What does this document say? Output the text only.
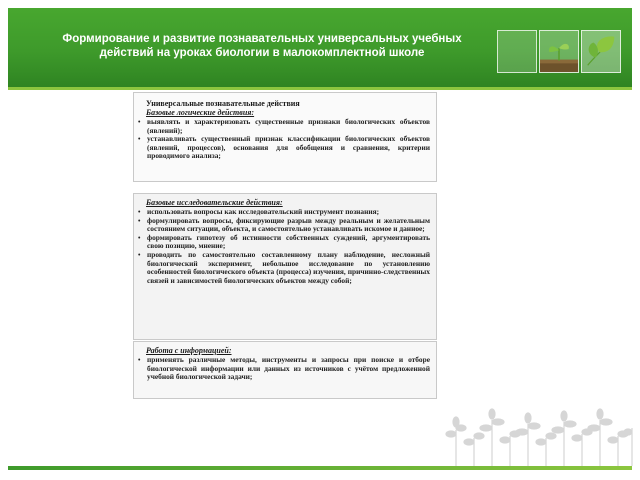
Формирование и развитие познавательных универсальных учебных действий на уроках биологии в малокомплектной школе
Универсальные познавательные действия
Базовые логические действия:
• выявлять и характеризовать существенные признаки биологических объектов (явлений);
• устанавливать существенный признак классификации биологических объектов (явлений, процессов), основания для обобщения и сравнения, критерии проводимого анализа;
Базовые исследовательские действия:
• использовать вопросы как исследовательский инструмент познания;
• формулировать вопросы, фиксирующие разрыв между реальным и желательным состоянием ситуации, объекта, и самостоятельно устанавливать искомое и данное;
• формировать гипотезу об истинности собственных суждений, аргументировать свою позицию, мнение;
• проводить по самостоятельно составленному плану наблюдение, несложный биологический эксперимент, небольшое исследование по установлению особенностей биологического объекта (процесса) изучения, причинно-следственных связей и зависимостей биологических объектов между собой;
Работа с информацией:
• применять различные методы, инструменты и запросы при поиске и отборе биологической информации или данных из источников с учётом предложенной учебной биологической задачи;
